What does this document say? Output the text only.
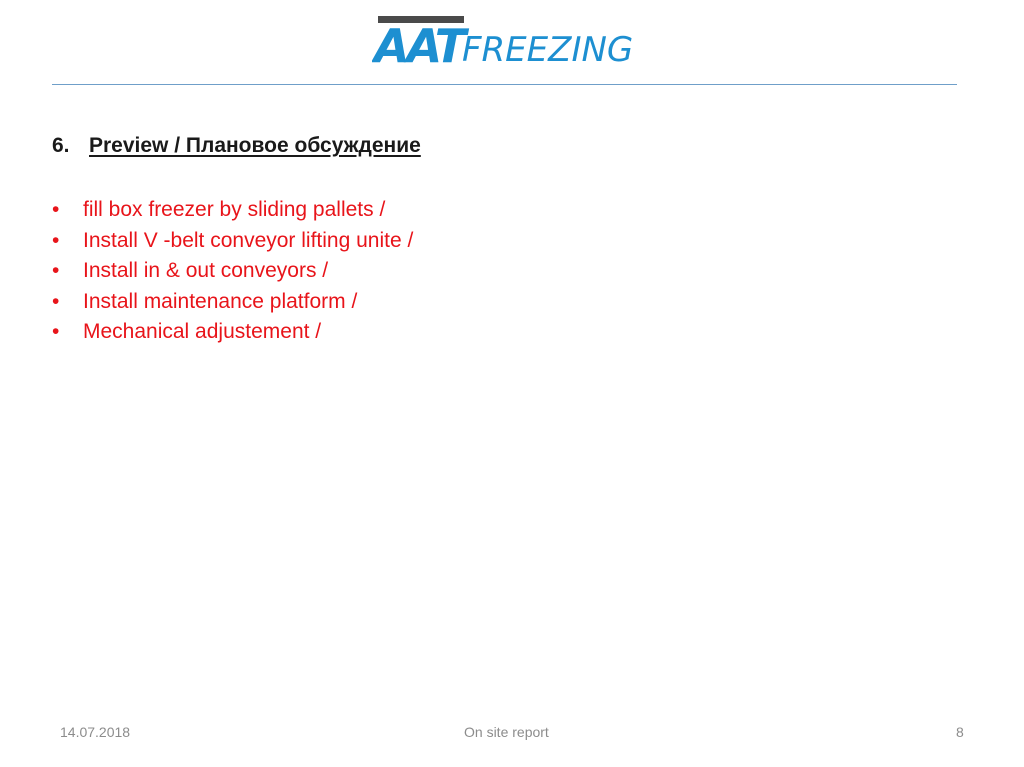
AAT
FREEZING
6. Preview / Плановое обсуждение
• fill box freezer by sliding pallets /
• Install V -belt conveyor lifting unite /
• Install in & out conveyors /
• Install maintenance platform /
• Mechanical adjustement /
14.07.2018	On site report	8
